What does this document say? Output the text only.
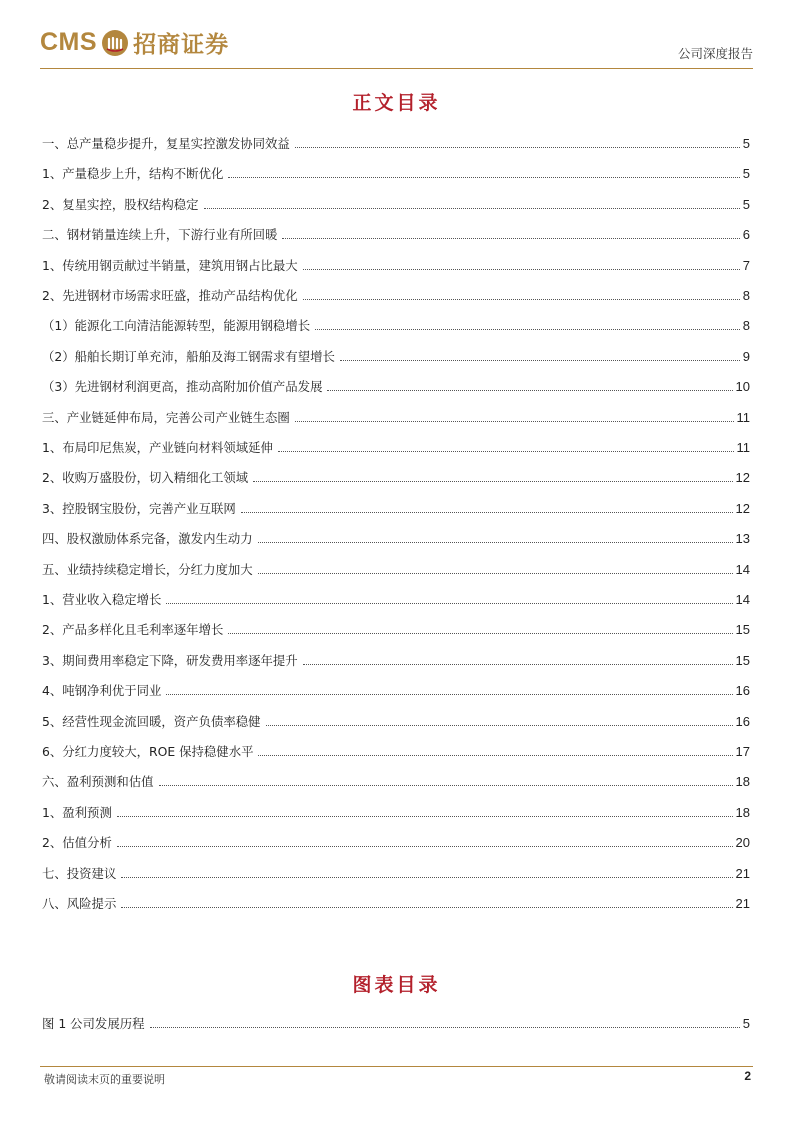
CMS 招商证券	公司深度报告
正文目录
一、总产量稳步提升，复星实控激发协同效益	5
1、产量稳步上升，结构不断优化	5
2、复星实控，股权结构稳定	5
二、钢材销量连续上升，下游行业有所回暖	6
1、传统用钢贡献过半销量，建筑用钢占比最大	7
2、先进钢材市场需求旺盛，推动产品结构优化	8
（1）能源化工向清洁能源转型，能源用钢稳增长	8
（2）船舶长期订单充沛，船舶及海工钢需求有望增长	9
（3）先进钢材利润更高，推动高附加价值产品发展	10
三、产业链延伸布局，完善公司产业链生态圈	11
1、布局印尼焦炭，产业链向材料领域延伸	11
2、收购万盛股份，切入精细化工领域	12
3、控股钢宝股份，完善产业互联网	12
四、股权激励体系完备，激发内生动力	13
五、业绩持续稳定增长，分红力度加大	14
1、营业收入稳定增长	14
2、产品多样化且毛利率逐年增长	15
3、期间费用率稳定下降，研发费用率逐年提升	15
4、吨钢净利优于同业	16
5、经营性现金流回暖，资产负债率稳健	16
6、分红力度较大，ROE 保持稳健水平	17
六、盈利预测和估值	18
1、盈利预测	18
2、估值分析	20
七、投资建议	21
八、风险提示	21
图表目录
图 1 公司发展历程	5
敬请阅读末页的重要说明	2
